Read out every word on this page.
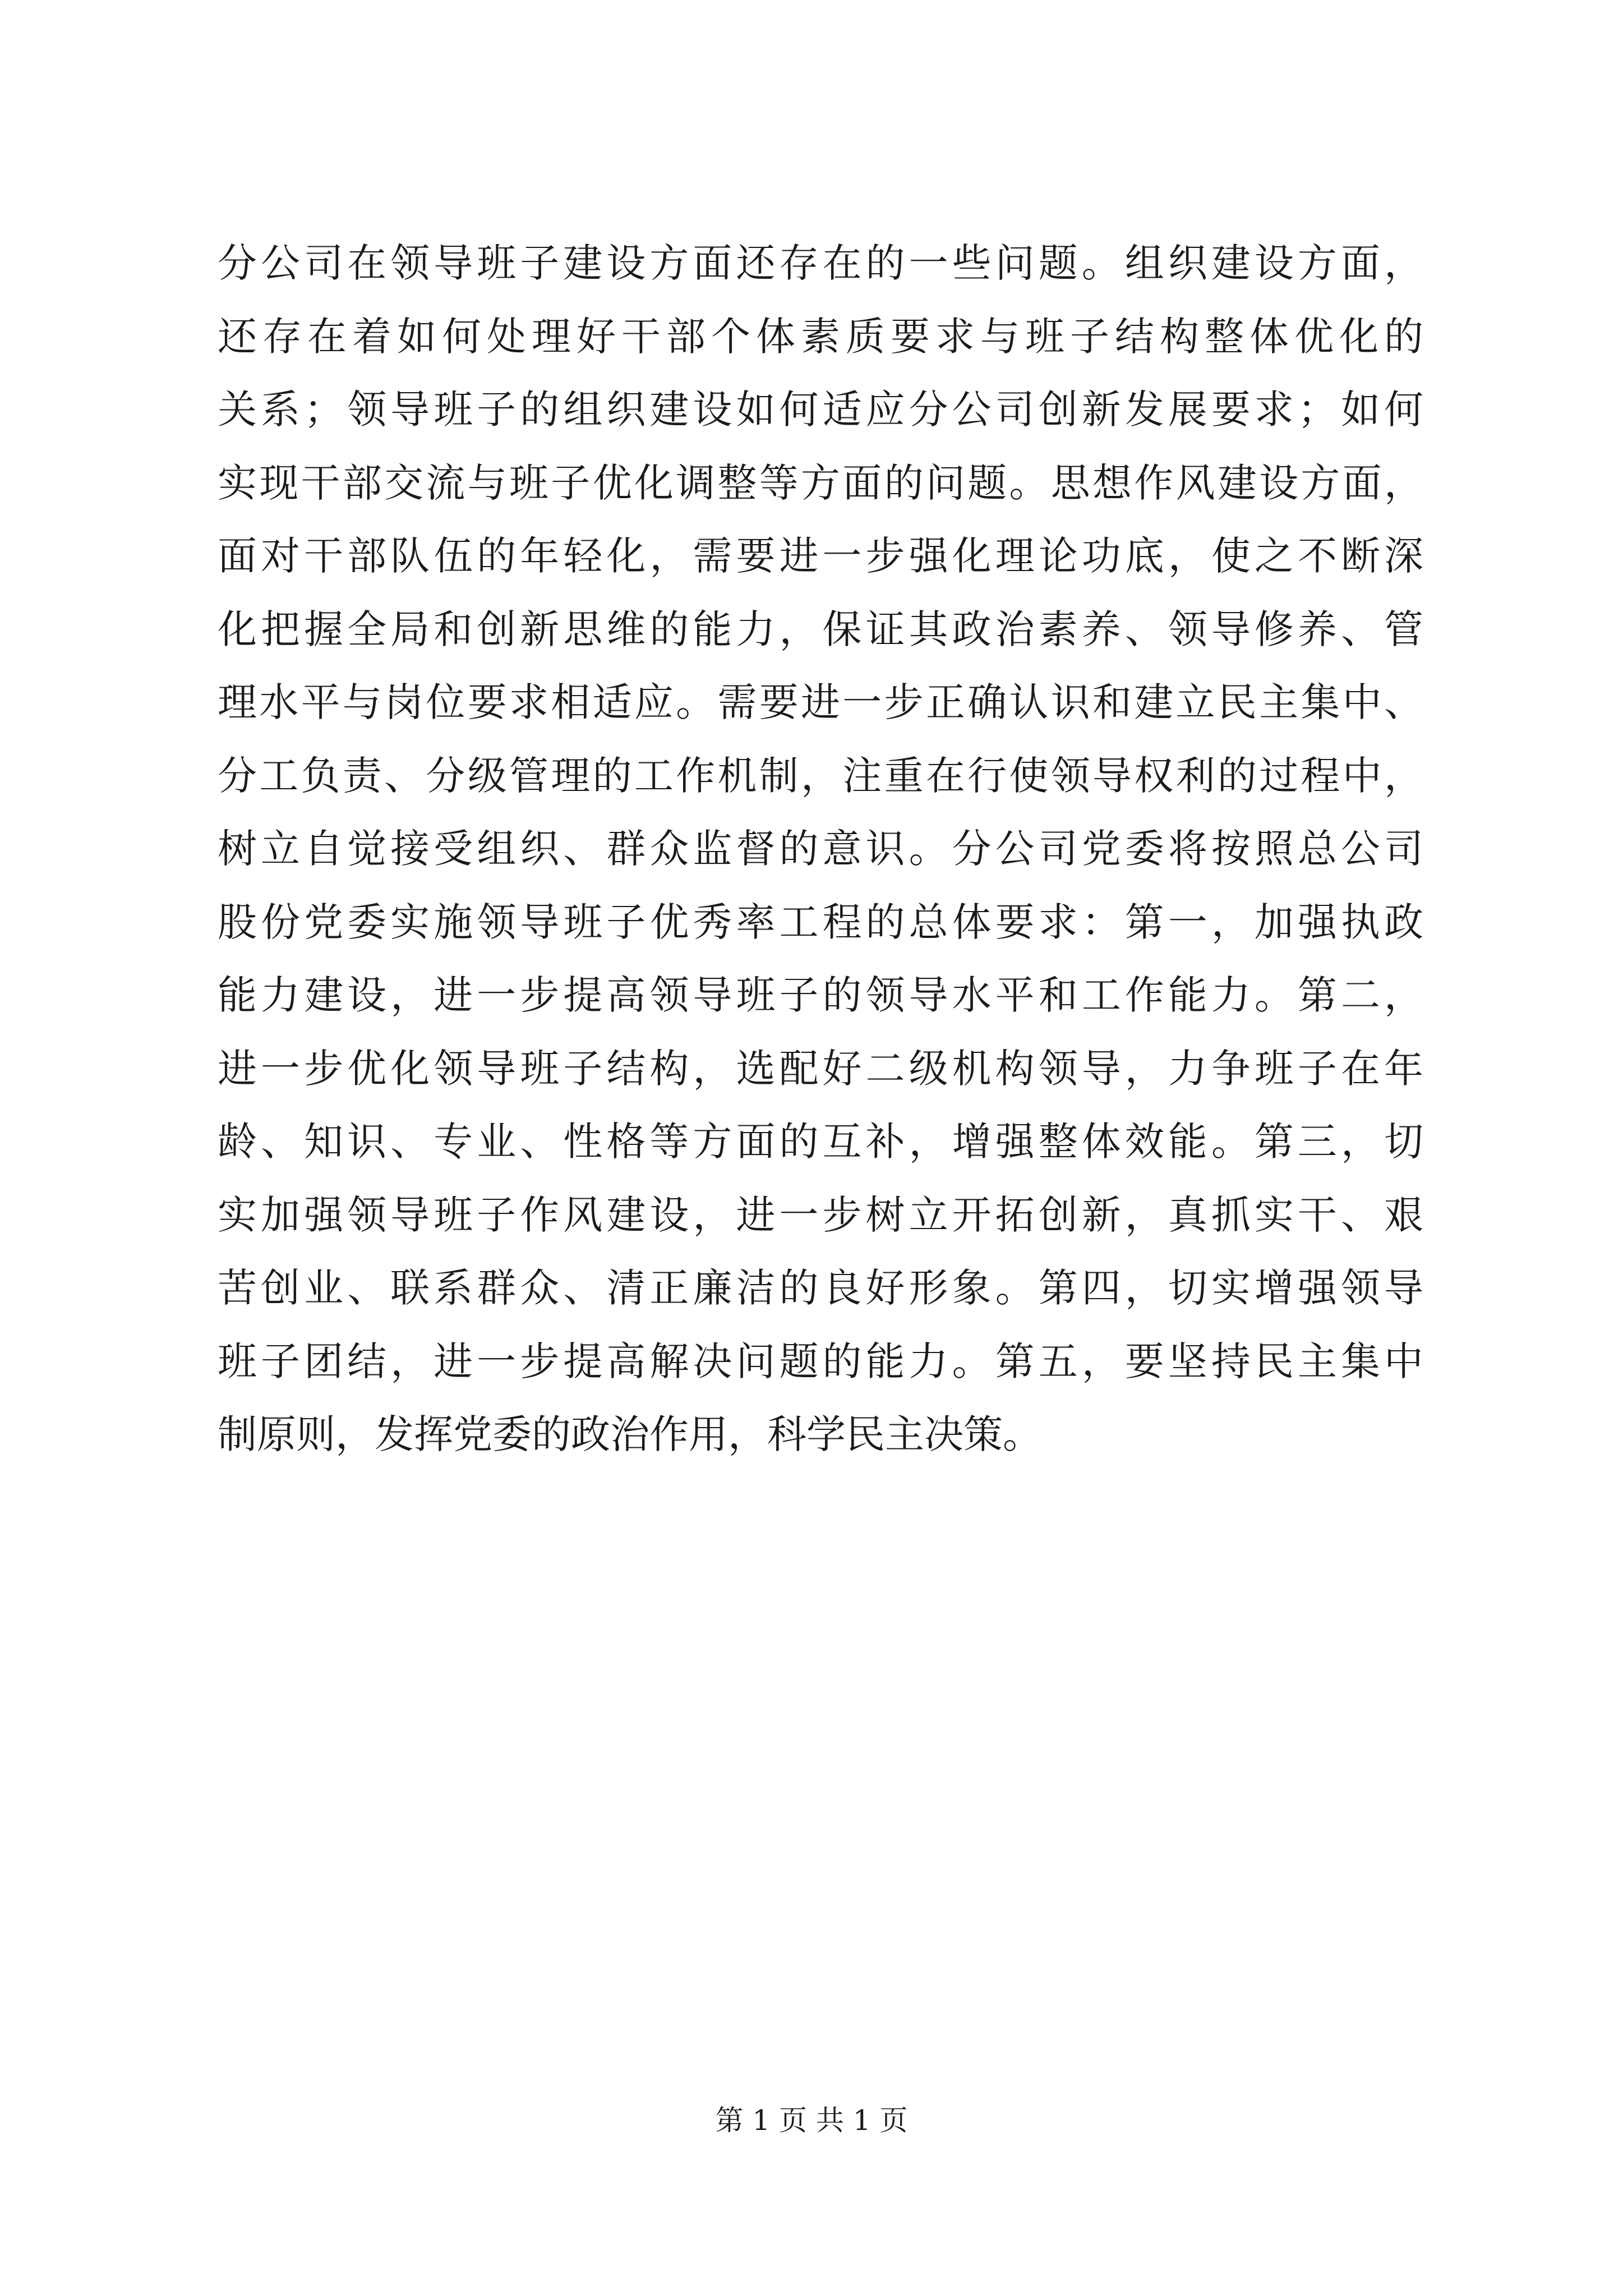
分公司在领导班子建设方面还存在的一些问题。组织建设方面，
还存在着如何处理好干部个体素质要求与班子结构整体优化的
关系；领导班子的组织建设如何适应分公司创新发展要求；如何
实现干部交流与班子优化调整等方面的问题。思想作风建设方面，
面对干部队伍的年轻化，需要进一步强化理论功底，使之不断深
化把握全局和创新思维的能力，保证其政治素养、领导修养、管
理水平与岗位要求相适应。需要进一步正确认识和建立民主集中、
分工负责、分级管理的工作机制，注重在行使领导权利的过程中，
树立自觉接受组织、群众监督的意识。分公司党委将按照总公司
股份党委实施领导班子优秀率工程的总体要求：第一，加强执政
能力建设，进一步提高领导班子的领导水平和工作能力。第二，
进一步优化领导班子结构，选配好二级机构领导，力争班子在年
龄、知识、专业、性格等方面的互补，增强整体效能。第三，切
实加强领导班子作风建设，进一步树立开拓创新，真抓实干、艰
苦创业、联系群众、清正廉洁的良好形象。第四，切实增强领导
班子团结，进一步提高解决问题的能力。第五，要坚持民主集中
制原则，发挥党委的政治作用，科学民主决策。
第 1 页 共 1 页
